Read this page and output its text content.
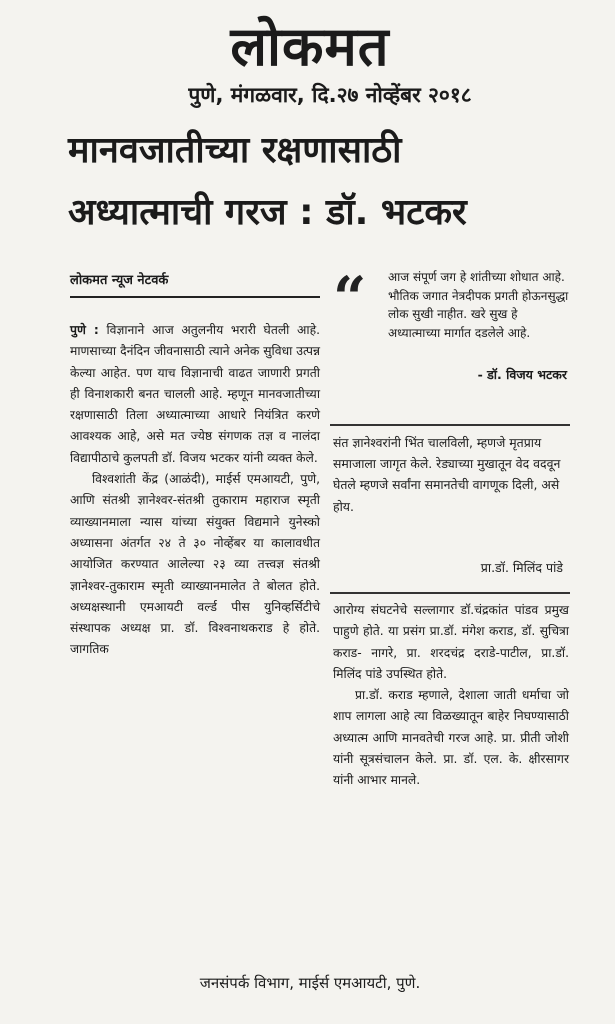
लोकमत
पुणे, मंगळवार, दि.२७ नोव्हेंबर २०१८
मानवजातीच्या रक्षणासाठी
अध्यात्माची गरज : डॉ. भटकर
लोकमत न्यूज नेटवर्क

पुणे : विज्ञानाने आज अतुलनीय भरारी घेतली आहे. माणसाच्या दैनंदिन जीवनासाठी त्याने अनेक सुविधा उत्पन्न केल्या आहेत. पण याच विज्ञानाची वाढत जाणारी प्रगती ही विनाशकारी बनत चालली आहे. म्हणून मानवजातीच्या रक्षणासाठी तिला अध्यात्माच्या आधारे नियंत्रित करणे आवश्यक आहे, असे मत ज्येष्ठ संगणक तज्ञ व नालंदा विद्यापीठाचे कुलपती डॉ. विजय भटकर यांनी व्यक्त केले.

विश्वशांती केंद्र (आळंदी), माईर्स एमआयटी, पुणे, आणि संतश्री ज्ञानेश्वर-संतश्री तुकाराम महाराज स्मृती व्याख्यानमाला न्यास यांच्या संयुक्त विद्यमाने युनेस्को अध्यासना अंतर्गत २४ ते ३० नोव्हेंबर या कालावधीत आयोजित करण्यात आलेल्या २३ व्या तत्त्वज्ञ संतश्री ज्ञानेश्वर-तुकाराम स्मृती व्याख्यानमालेत ते बोलत होते. अध्यक्षस्थानी एमआयटी वर्ल्ड पीस युनिव्हर्सिटीचे संस्थापक अध्यक्ष प्रा. डॉ. विश्वनाथकराड हे होते. जागतिक

“	आज संपूर्ण जग हे शांतीच्या शोधात आहे. भौतिक जगात नेत्रदीपक प्रगती होऊनसुद्धा लोक सुखी नाहीत. खरे सुख हे अध्यात्माच्या मार्गात दडलेले आहे.
- डॉ. विजय भटकर
संत ज्ञानेश्वरांनी भिंत चालविली, म्हणजे मृतप्राय समाजाला जागृत केले. रेड्याच्या मुखातून वेद वदवून घेतले म्हणजे सर्वांना समानतेची वागणूक दिली, असे होय.
प्रा.डॉ. मिलिंद पांडे

आरोग्य संघटनेचे सल्लागार डॉ.चंद्रकांत पांडव प्रमुख पाहुणे होते. या प्रसंग प्रा.डॉ. मंगेश कराड, डॉ. सुचित्रा कराड- नागरे, प्रा. शरदचंद्र दराडे-पाटील, प्रा.डॉ. मिलिंद पांडे उपस्थित होते.

प्रा.डॉ. कराड म्हणाले, देशाला जाती धर्माचा जो शाप लागला आहे त्या विळख्यातून बाहेर निघण्यासाठी अध्यात्म आणि मानवतेची गरज आहे. प्रा. प्रीती जोशी यांनी सूत्रसंचालन केले. प्रा. डॉ. एल. के. क्षीरसागर यांनी आभार मानले.

जनसंपर्क विभाग, माईर्स एमआयटी, पुणे.
